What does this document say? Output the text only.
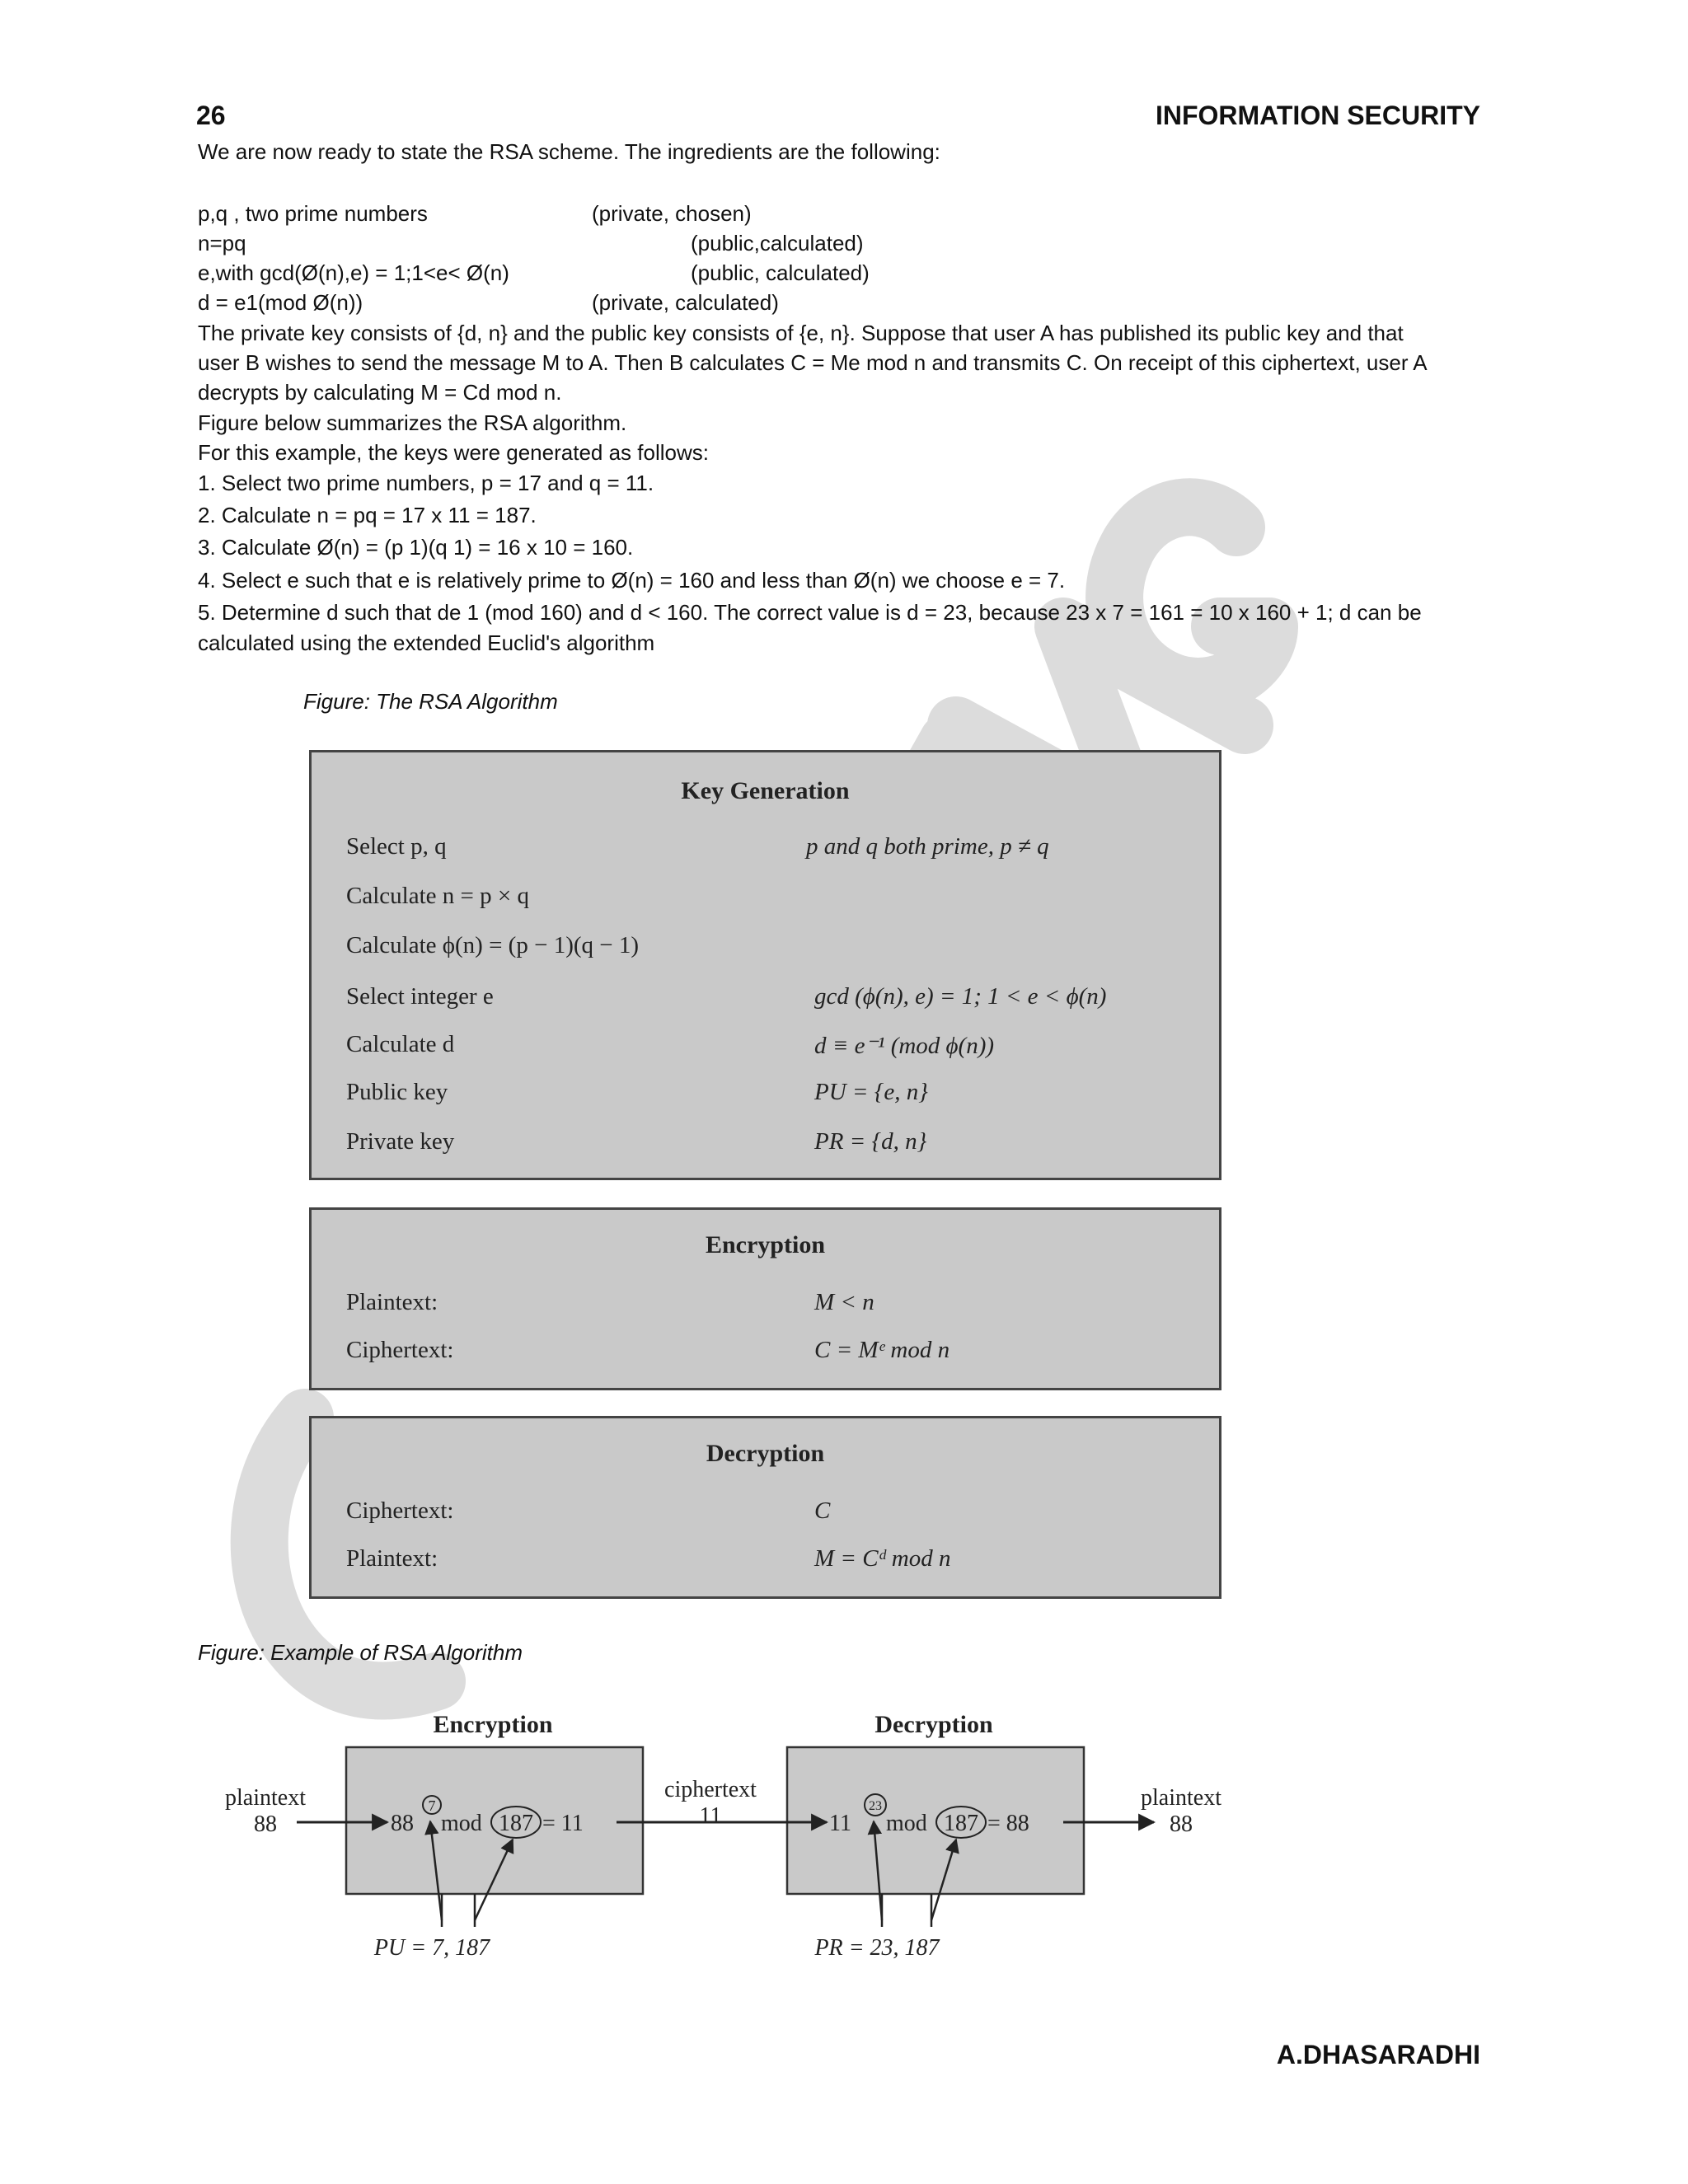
26	INFORMATION SECURITY
We are now ready to state the RSA scheme. The ingredients are the following:
p,q , two prime numbers	(private, chosen)
n=pq	(public,calculated)
e,with gcd(Ø(n),e) = 1;1<e< Ø(n)	(public, calculated)
d = e1(mod Ø(n))	(private, calculated)
The private key consists of {d, n} and the public key consists of {e, n}. Suppose that user A has published its public key and that
user B wishes to send the message M to A. Then B calculates C = Me mod n and transmits C. On receipt of this ciphertext, user A
decrypts by calculating M = Cd mod n.
Figure below summarizes the RSA algorithm.
For this example, the keys were generated as follows:
1. Select two prime numbers, p = 17 and q = 11.
2. Calculate n = pq = 17 x 11 = 187.
3. Calculate Ø(n) = (p 1)(q 1) = 16 x 10 = 160.
4. Select e such that e is relatively prime to Ø(n) = 160 and less than Ø(n) we choose e = 7.
5. Determine d such that de 1 (mod 160) and d < 160. The correct value is d = 23, because 23 x 7 = 161 = 10 x 160 + 1; d can be
calculated using the extended Euclid's algorithm
Figure: The RSA Algorithm
Key Generation
Select p, q	p and q both prime, p ≠ q
Calculate n = p × q
Calculate ϕ(n) = (p − 1)(q − 1)
Select integer e	gcd (ϕ(n), e) = 1; 1 < e < ϕ(n)
Calculate d	d ≡ e⁻¹ (mod ϕ(n))
Public key	PU = {e, n}
Private key	PR = {d, n}
Encryption
Plaintext:	M < n
Ciphertext:	C = Mᵉ mod n
Decryption
Ciphertext:	C
Plaintext:	M = Cᵈ mod n
Figure: Example of RSA Algorithm
Encryption	Decryption
plaintext
88	88
7
mod 187 = 11
ciphertext
11	11
23
mod 187 = 88
plaintext
88
PU = 7, 187	PR = 23, 187
A.DHASARADHI
